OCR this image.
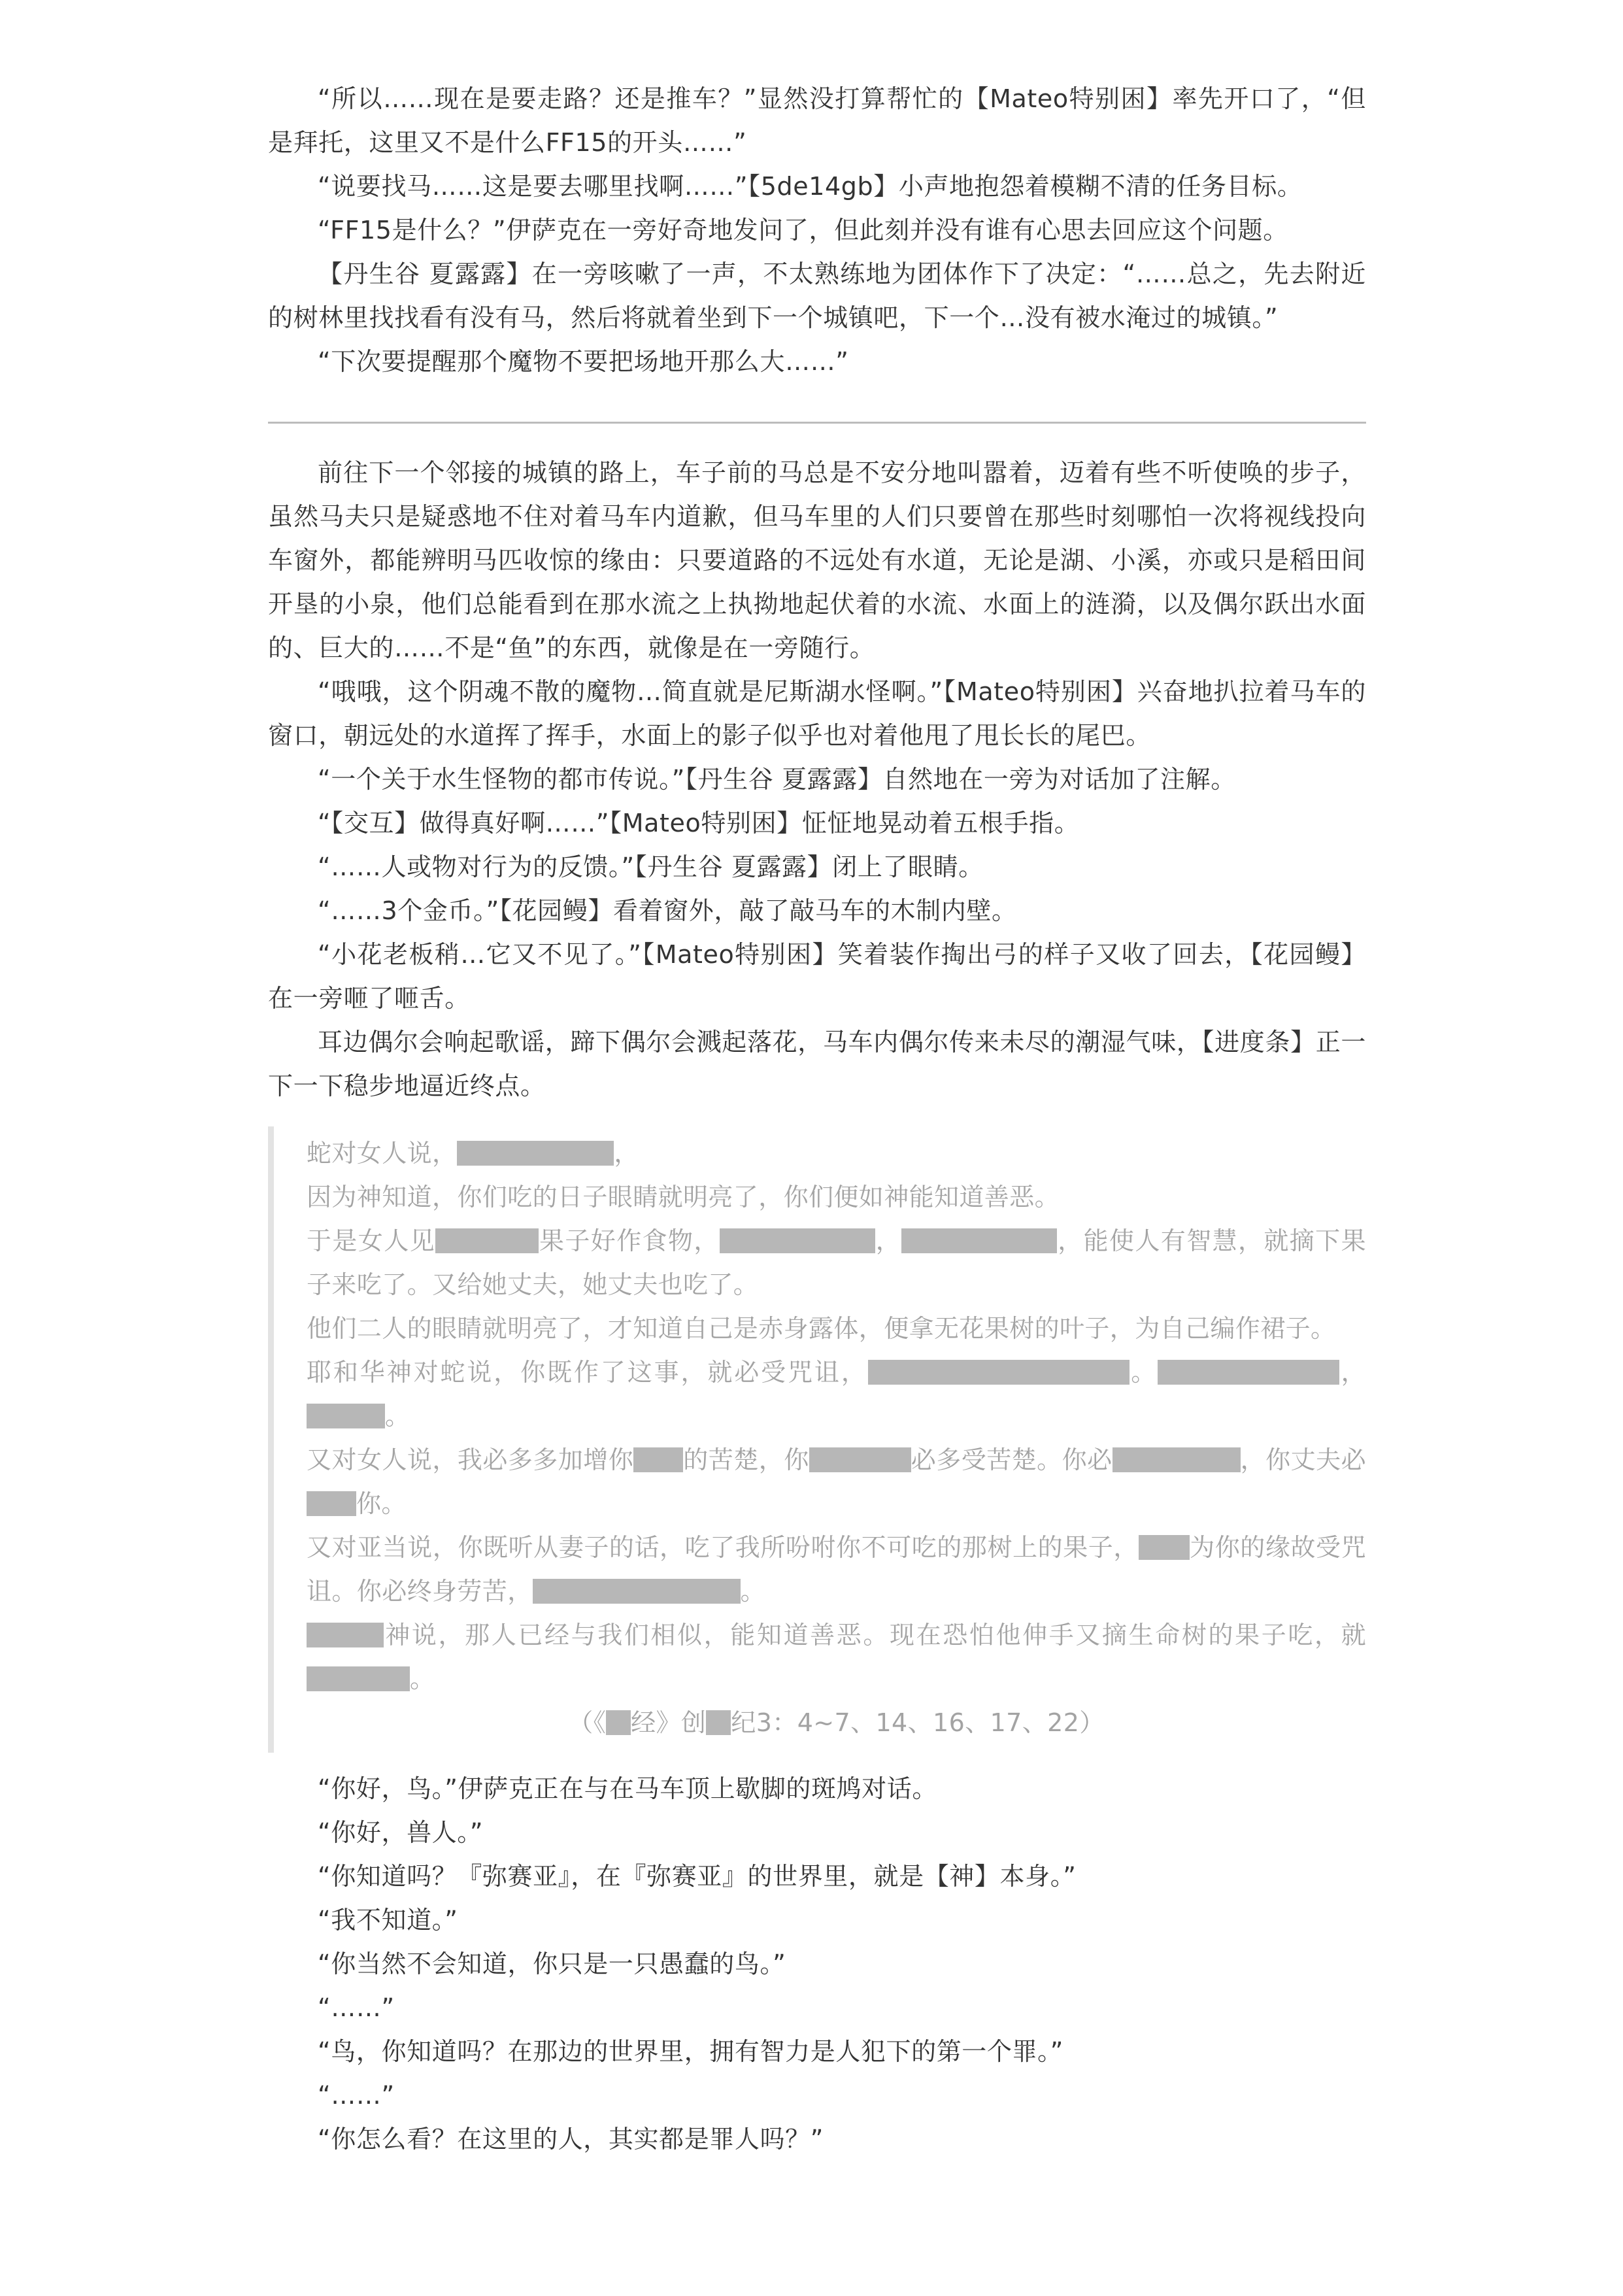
“所以……现在是要走路？还是推车？”显然没打算帮忙的【Mateo特别困】率先开口了，“但是拜托，这里又不是什么FF15的开头……”

“说要找马……这是要去哪里找啊……”【5de14gb】小声地抱怨着模糊不清的任务目标。

“FF15是什么？”伊萨克在一旁好奇地发问了，但此刻并没有谁有心思去回应这个问题。

【丹生谷 夏露露】在一旁咳嗽了一声，不太熟练地为团体作下了决定：“……总之，先去附近的树林里找找看有没有马，然后将就着坐到下一个城镇吧，下一个…没有被水淹过的城镇。”

“下次要提醒那个魔物不要把场地开那么大……”

前往下一个邻接的城镇的路上，车子前的马总是不安分地叫嚣着，迈着有些不听使唤的步子，虽然马夫只是疑惑地不住对着马车内道歉，但马车里的人们只要曾在那些时刻哪怕一次将视线投向车窗外，都能辨明马匹收惊的缘由：只要道路的不远处有水道，无论是湖、小溪，亦或只是稻田间开垦的小泉，他们总能看到在那水流之上执拗地起伏着的水流、水面上的涟漪，以及偶尔跃出水面的、巨大的……不是“鱼”的东西，就像是在一旁随行。

“哦哦，这个阴魂不散的魔物…简直就是尼斯湖水怪啊。”【Mateo特别困】兴奋地扒拉着马车的窗口，朝远处的水道挥了挥手，水面上的影子似乎也对着他甩了甩长长的尾巴。

“一个关于水生怪物的都市传说。”【丹生谷 夏露露】自然地在一旁为对话加了注解。

“【交互】做得真好啊……”【Mateo特别困】怔怔地晃动着五根手指。

“……人或物对行为的反馈。”【丹生谷 夏露露】闭上了眼睛。

“……3个金币。”【花园鳗】看着窗外，敲了敲马车的木制内壁。

“小花老板稍…它又不见了。”【Mateo特别困】笑着装作掏出弓的样子又收了回去，【花园鳗】在一旁咂了咂舌。

耳边偶尔会响起歌谣，蹄下偶尔会溅起落花，马车内偶尔传来未尽的潮湿气味，【进度条】正一下一下稳步地逼近终点。

蛇对女人说，	，

因为神知道，你们吃的日子眼睛就明亮了，你们便如神能知道善恶。

于是女人见	果子好作食物，	，	，能使人有智慧，就摘下果子来吃了。又给她丈夫，她丈夫也吃了。

他们二人的眼睛就明亮了，才知道自己是赤身露体，便拿无花果树的叶子，为自己编作裙子。

耶和华神对蛇说，你既作了这事，就必受咒诅，	。	，。

又对女人说，我必多多加增你 的苦楚，你	必多受苦楚。你必	，你丈夫必你。

又对亚当说，你既听从妻子的话，吃了我所吩咐你不可吃的那树上的果子， 为你的缘故受咒诅。你必终身劳苦，	。

神说，那人已经与我们相似，能知道善恶。现在恐怕他伸手又摘生命树的果子吃，就。

（《 经》创 纪3：4~7、14、16、17、22）

“你好，鸟。”伊萨克正在与在马车顶上歇脚的斑鸠对话。

“你好，兽人。”

“你知道吗？『弥赛亚』，在『弥赛亚』的世界里，就是【神】本身。”

“我不知道。”

“你当然不会知道，你只是一只愚蠢的鸟。”

“……”

“鸟，你知道吗？在那边的世界里，拥有智力是人犯下的第一个罪。”

“……”

“你怎么看？在这里的人，其实都是罪人吗？”
